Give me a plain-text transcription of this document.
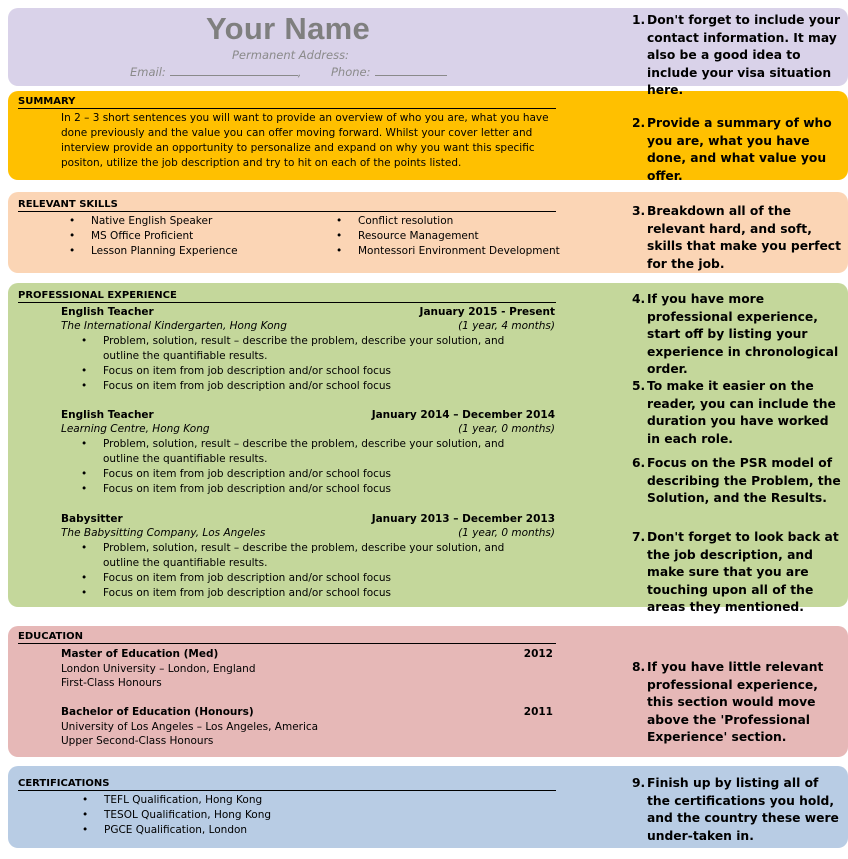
Your Name
Permanent Address:
Email:	,	Phone:
SUMMARY
In 2 – 3 short sentences you will want to provide an overview of who you are, what you have done previously and the value you can offer moving forward. Whilst your cover letter and interview provide an opportunity to personalize and expand on why you want this specific positon, utilize the job description and try to hit on each of the points listed.
RELEVANT SKILLS
• Native English Speaker
• MS Office Proficient
• Lesson Planning Experience
• Conflict resolution
• Resource Management
• Montessori Environment Development
PROFESSIONAL EXPERIENCE
English Teacher	January 2015 - Present
The International Kindergarten, Hong Kong	(1 year, 4 months)
• Problem, solution, result – describe the problem, describe your solution, and outline the quantifiable results.
• Focus on item from job description and/or school focus
• Focus on item from job description and/or school focus
English Teacher	January 2014 – December 2014
Learning Centre, Hong Kong	(1 year, 0 months)
• Problem, solution, result – describe the problem, describe your solution, and outline the quantifiable results.
• Focus on item from job description and/or school focus
• Focus on item from job description and/or school focus
Babysitter	January 2013 – December 2013
The Babysitting Company, Los Angeles	(1 year, 0 months)
• Problem, solution, result – describe the problem, describe your solution, and outline the quantifiable results.
• Focus on item from job description and/or school focus
• Focus on item from job description and/or school focus
EDUCATION
Master of Education (Med)	2012
London University – London, England
First-Class Honours
Bachelor of Education (Honours)	2011
University of Los Angeles – Los Angeles, America
Upper Second-Class Honours
CERTIFICATIONS
• TEFL Qualification, Hong Kong
• TESOL Qualification, Hong Kong
• PGCE Qualification, London
1. Don't forget to include your contact information. It may also be a good idea to include your visa situation here.
2. Provide a summary of who you are, what you have done, and what value you offer.
3. Breakdown all of the relevant hard, and soft, skills that make you perfect for the job.
4. If you have more professional experience, start off by listing your experience in chronological order.
5. To make it easier on the reader, you can include the duration you have worked in each role.
6. Focus on the PSR model of describing the Problem, the Solution, and the Results.
7. Don't forget to look back at the job description, and make sure that you are touching upon all of the areas they mentioned.
8. If you have little relevant professional experience, this section would move above the 'Professional Experience' section.
9. Finish up by listing all of the certifications you hold, and the country these were under-taken in.
